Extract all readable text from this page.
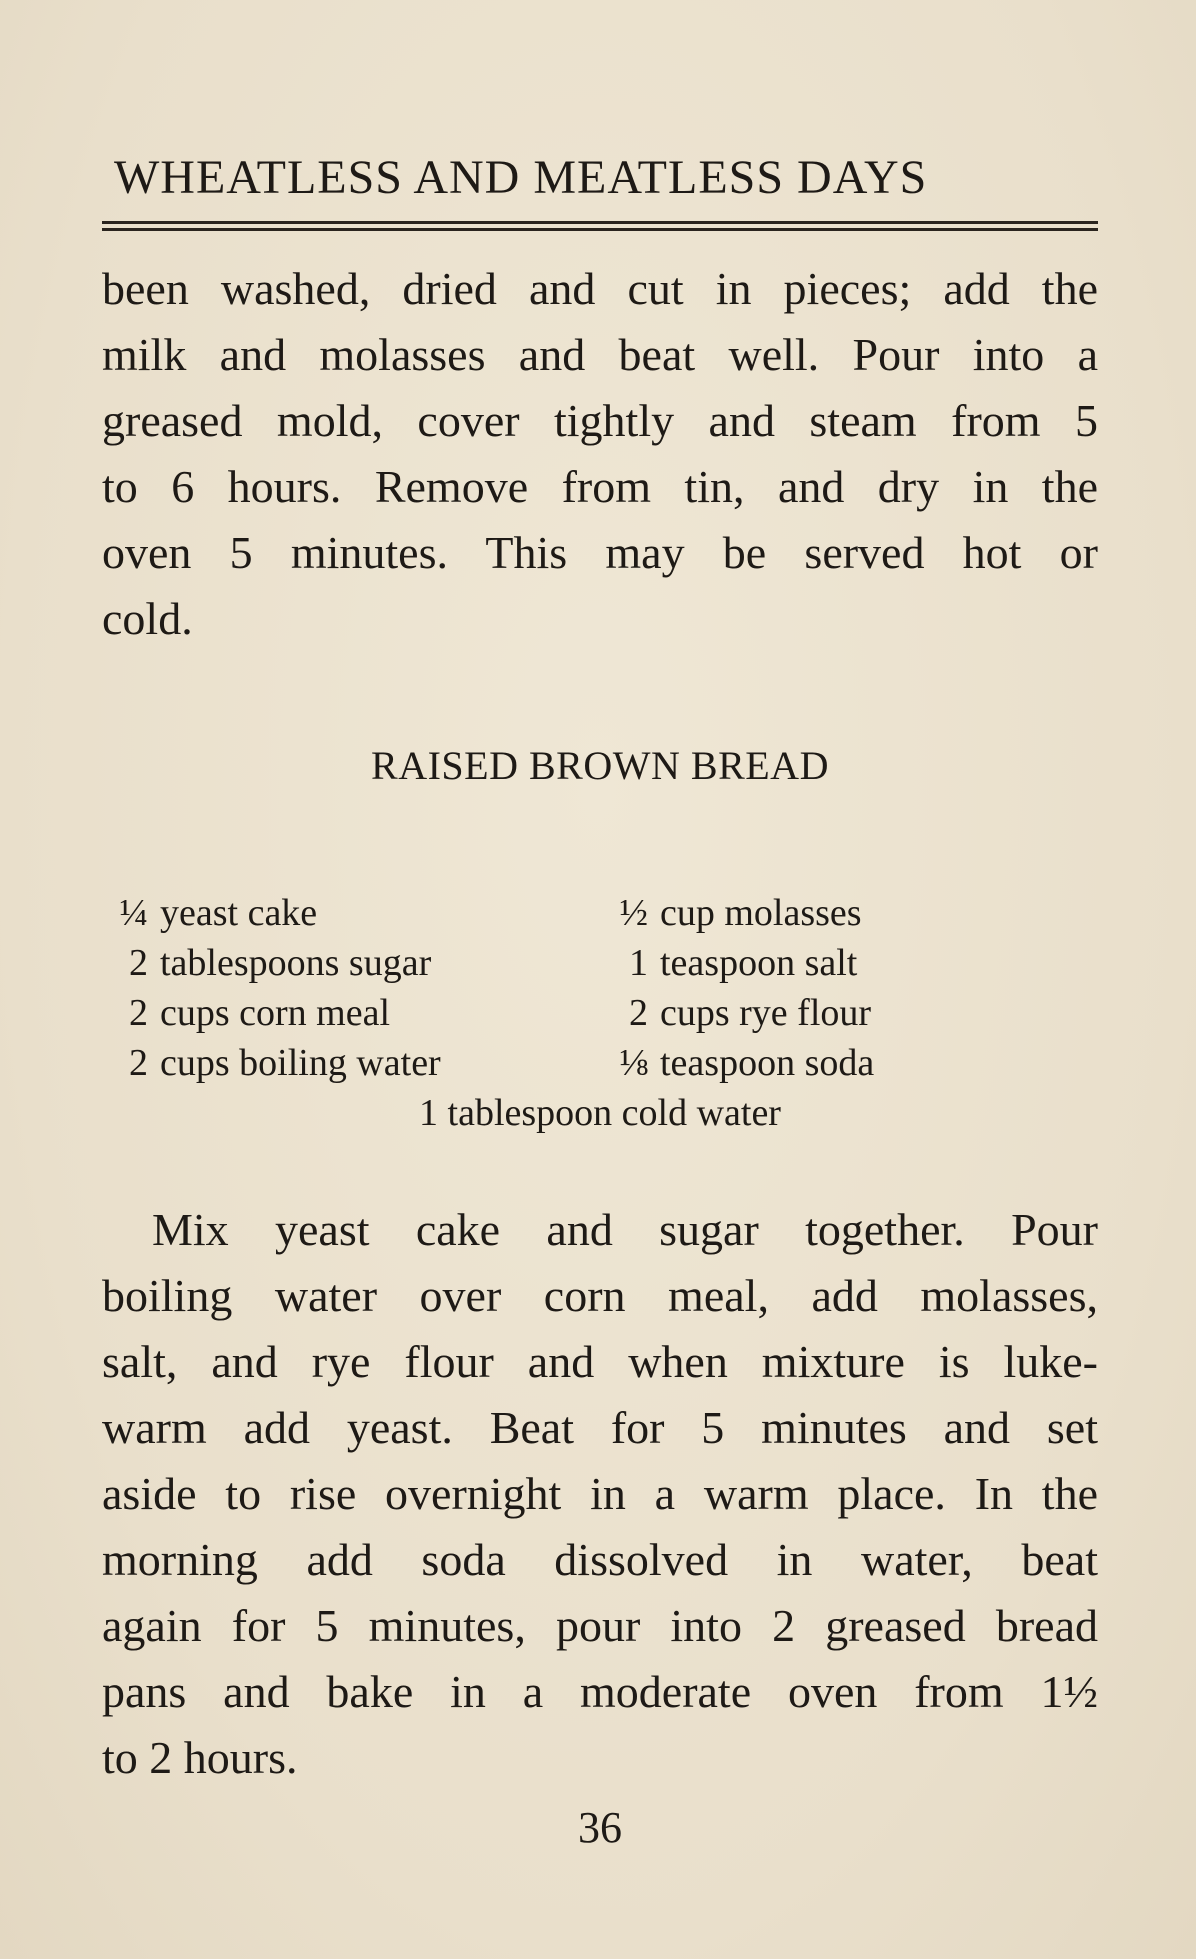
WHEATLESS AND MEATLESS DAYS

been washed, dried and cut in pieces; add the
milk and molasses and beat well. Pour into a
greased mold, cover tightly and steam from 5
to 6 hours. Remove from tin, and dry in the
oven 5 minutes. This may be served hot or
cold.

RAISED BROWN BREAD
¼ yeast cake	½ cup molasses
2 tablespoons sugar	1 teaspoon salt
2 cups corn meal	2 cups rye flour
2 cups boiling water	⅛ teaspoon soda
1 tablespoon cold water

Mix yeast cake and sugar together. Pour
boiling water over corn meal, add molasses,
salt, and rye flour and when mixture is luke-
warm add yeast. Beat for 5 minutes and set
aside to rise overnight in a warm place. In the
morning add soda dissolved in water, beat
again for 5 minutes, pour into 2 greased bread
pans and bake in a moderate oven from 1½
to 2 hours.

36
